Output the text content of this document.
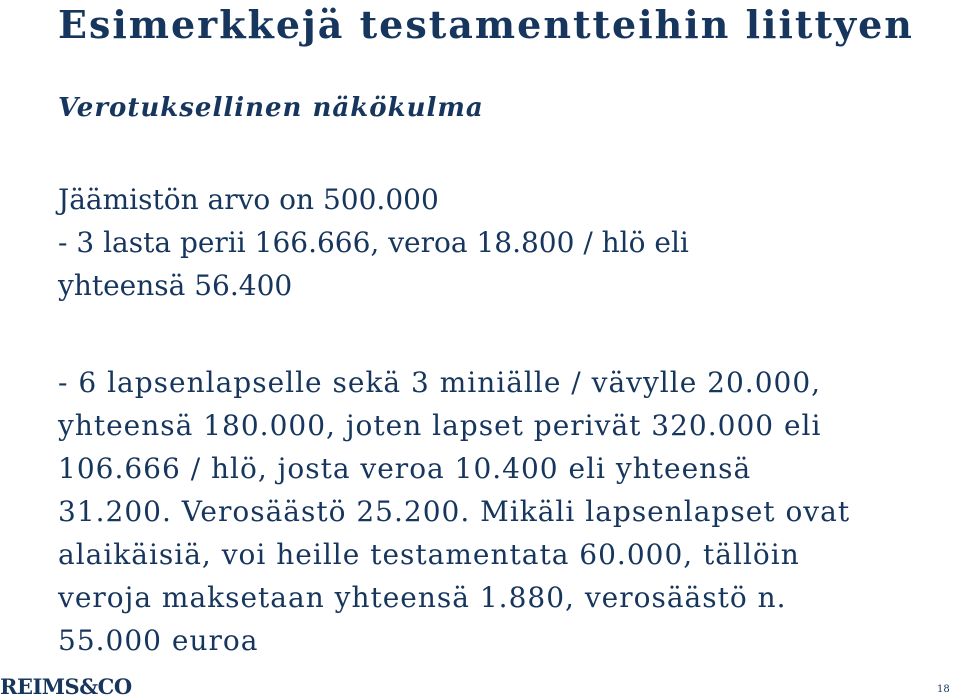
Esimerkkejä testamentteihin liittyen
Verotuksellinen näkökulma

Jäämistön arvo on 500.000
- 3 lasta perii 166.666, veroa 18.800 / hlö eli
yhteensä 56.400

- 6 lapsenlapselle sekä 3 miniälle / vävylle 20.000,
yhteensä 180.000, joten lapset perivät 320.000 eli
106.666 / hlö, josta veroa 10.400 eli yhteensä
31.200. Verosäästö 25.200. Mikäli lapsenlapset ovat
alaikäisiä, voi heille testamentata 60.000, tällöin
veroja maksetaan yhteensä 1.880, verosäästö n.
55.000 euroa

REIMS&CO	18
